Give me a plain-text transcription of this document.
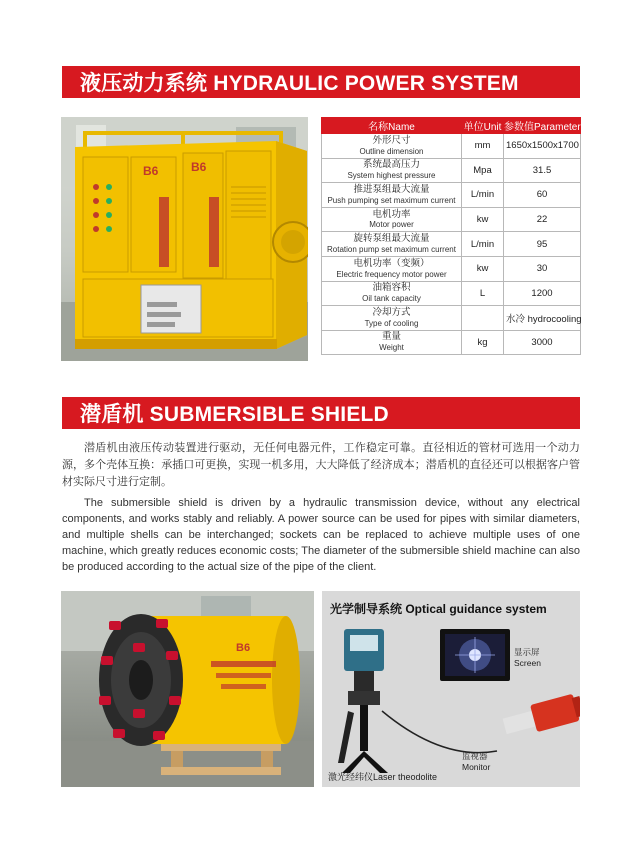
液压动力系统 HYDRAULIC POWER SYSTEM
B6	B6
名称Name	单位Unit	参数值Parameter

外形尺寸
Outline dimension	mm	1650x1500x1700

系统最高压力
System highest pressure	Mpa	31.5

推进泵组最大流量
Push pumping set maximum current	L/min	60

电机功率
Motor power	kw	22

旋转泵组最大流量
Rotation pump set maximum current	L/min	95

电机功率（变频）
Electric frequency motor power	kw	30

油箱容积
Oil tank capacity	L	1200

冷却方式
Type of cooling		水冷 hydrocooling

重量
Weight	kg	3000
潜盾机 SUBMERSIBLE SHIELD

潜盾机由液压传动装置进行驱动，无任何电器元件，工作稳定可靠。直径相近的管材可选用一个动力源，多个壳体互换：承插口可更换，实现一机多用，大大降低了经济成本；潜盾机的直径还可以根据客户管材实际尺寸进行定制。

The submersible shield is driven by a hydraulic transmission device, without any electrical components, and works stably and reliably. A power source can be used for pipes with similar diameters, and multiple shells can be interchanged; sockets can be replaced to achieve multiple uses of one machine, which greatly reduces economic costs; The diameter of the submersible shield machine can also be produced according to the actual size of the pipe of the client.

B6
光学制导系统 Optical guidance system
显示屏
Screen
监视器
Monitor
激光经纬仪Laser theodolite
